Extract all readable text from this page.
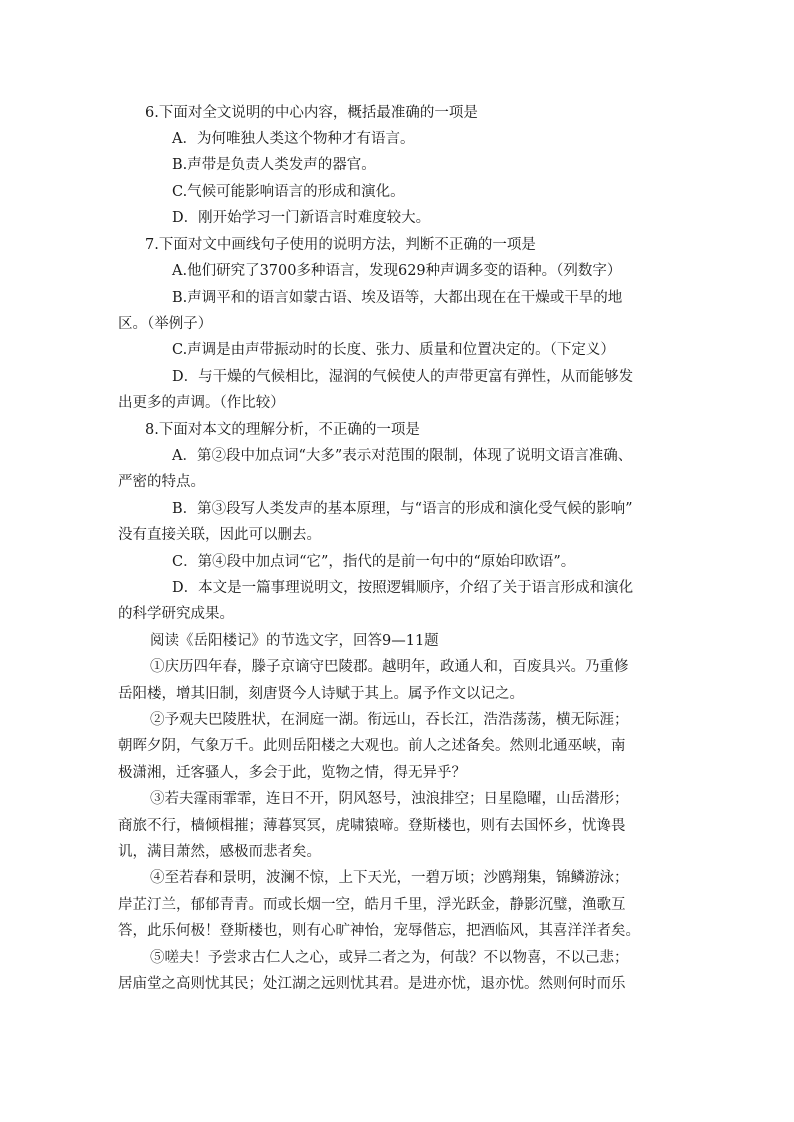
6.下面对全文说明的中心内容，概括最准确的一项是

A．为何唯独人类这个物种才有语言。

B.声带是负责人类发声的器官。

C.气候可能影响语言的形成和演化。

D．刚开始学习一门新语言时难度较大。

7.下面对文中画线句子使用的说明方法，判断不正确的一项是

A.他们研究了3700多种语言，发现629种声调多变的语种。（列数字）

B.声调平和的语言如蒙古语、埃及语等，大都出现在在干燥或干旱的地

区。（举例子）

C.声调是由声带振动时的长度、张力、质量和位置决定的。（下定义）

D．与干燥的气候相比，湿润的气候使人的声带更富有弹性，从而能够发

出更多的声调。（作比较）

8.下面对本文的理解分析，不正确的一项是

A．第②段中加点词“大多”表示对范围的限制，体现了说明文语言准确、

严密的特点。

B．第③段写人类发声的基本原理，与“语言的形成和演化受气候的影响”

没有直接关联，因此可以删去。

C．第④段中加点词“它”，指代的是前一句中的“原始印欧语”。

D．本文是一篇事理说明文，按照逻辑顺序，介绍了关于语言形成和演化

的科学研究成果。

阅读《岳阳楼记》的节选文字，回答9—11题

①庆历四年春，滕子京谪守巴陵郡。越明年，政通人和，百废具兴。乃重修

岳阳楼，增其旧制，刻唐贤今人诗赋于其上。属予作文以记之。

②予观夫巴陵胜状，在洞庭一湖。衔远山，吞长江，浩浩荡荡，横无际涯；

朝晖夕阴，气象万千。此则岳阳楼之大观也。前人之述备矣。然则北通巫峡，南

极潇湘，迁客骚人，多会于此，览物之情，得无异乎？

③若夫霪雨霏霏，连日不开，阴风怒号，浊浪排空；日星隐曜，山岳潜形；

商旅不行，樯倾楫摧；薄暮冥冥，虎啸猿啼。登斯楼也，则有去国怀乡，忧谗畏

讥，满目萧然，感极而悲者矣。

④至若春和景明，波澜不惊，上下天光，一碧万顷；沙鸥翔集，锦鳞游泳；

岸芷汀兰，郁郁青青。而或长烟一空，皓月千里，浮光跃金，静影沉璧，渔歌互

答，此乐何极！登斯楼也，则有心旷神怡，宠辱偕忘，把酒临风，其喜洋洋者矣。

⑤嗟夫！予尝求古仁人之心，或异二者之为，何哉？不以物喜，不以己悲；

居庙堂之高则忧其民；处江湖之远则忧其君。是进亦忧，退亦忧。然则何时而乐
